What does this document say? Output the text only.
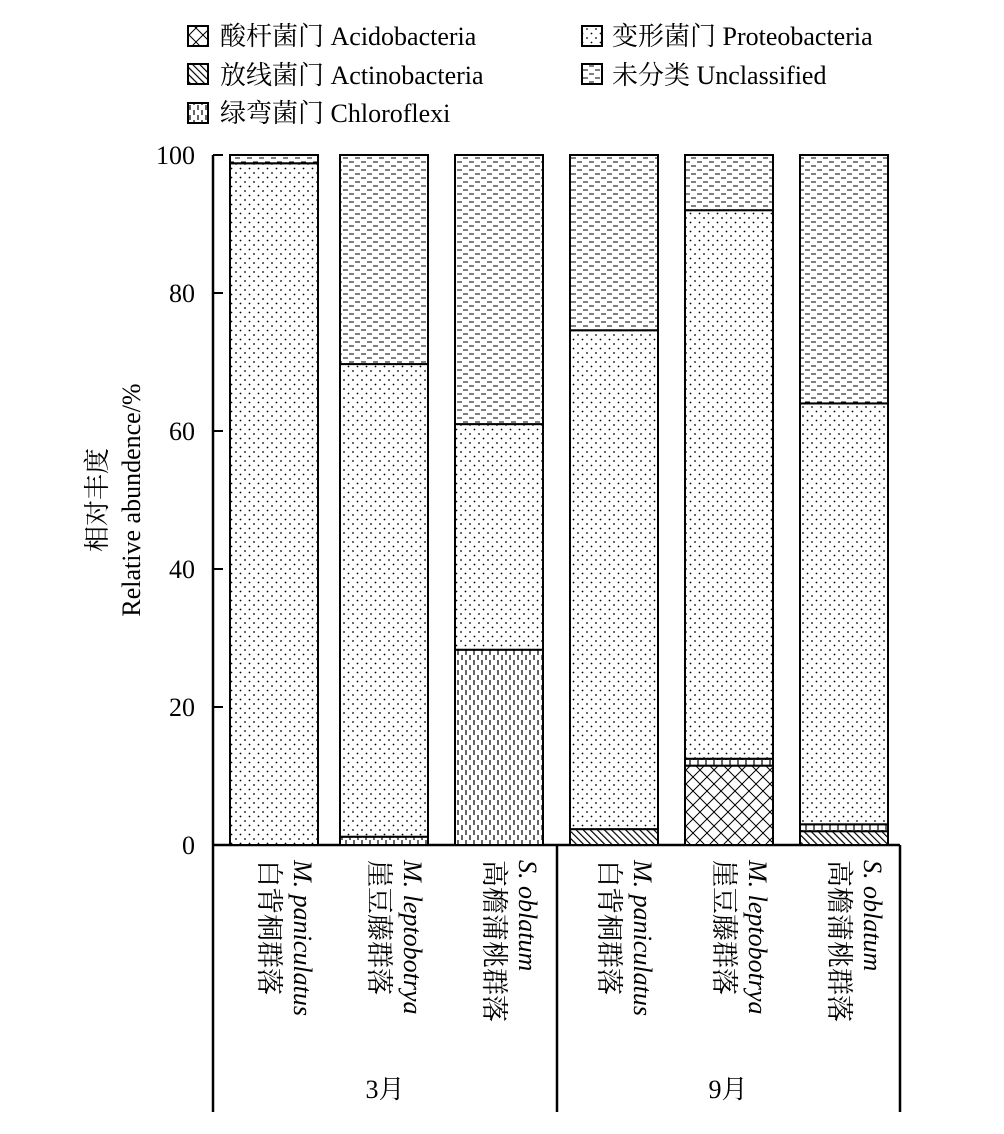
酸杆菌门 Acidobacteria
放线菌门 Actinobacteria
绿弯菌门 Chloroflexi
变形菌门 Proteobacteria
未分类 Unclassified
相对丰度 Relative abundence/%
0
20
40
60
80
100
白背桐群落 M. paniculatus 崖豆藤群落 M. leptobotrya 高檐蒲桃群落 S. oblatum 白背桐群落 M. paniculatus 崖豆藤群落 M. leptobotrya 高檐蒲桃群落 S. oblatum
3月	9月
